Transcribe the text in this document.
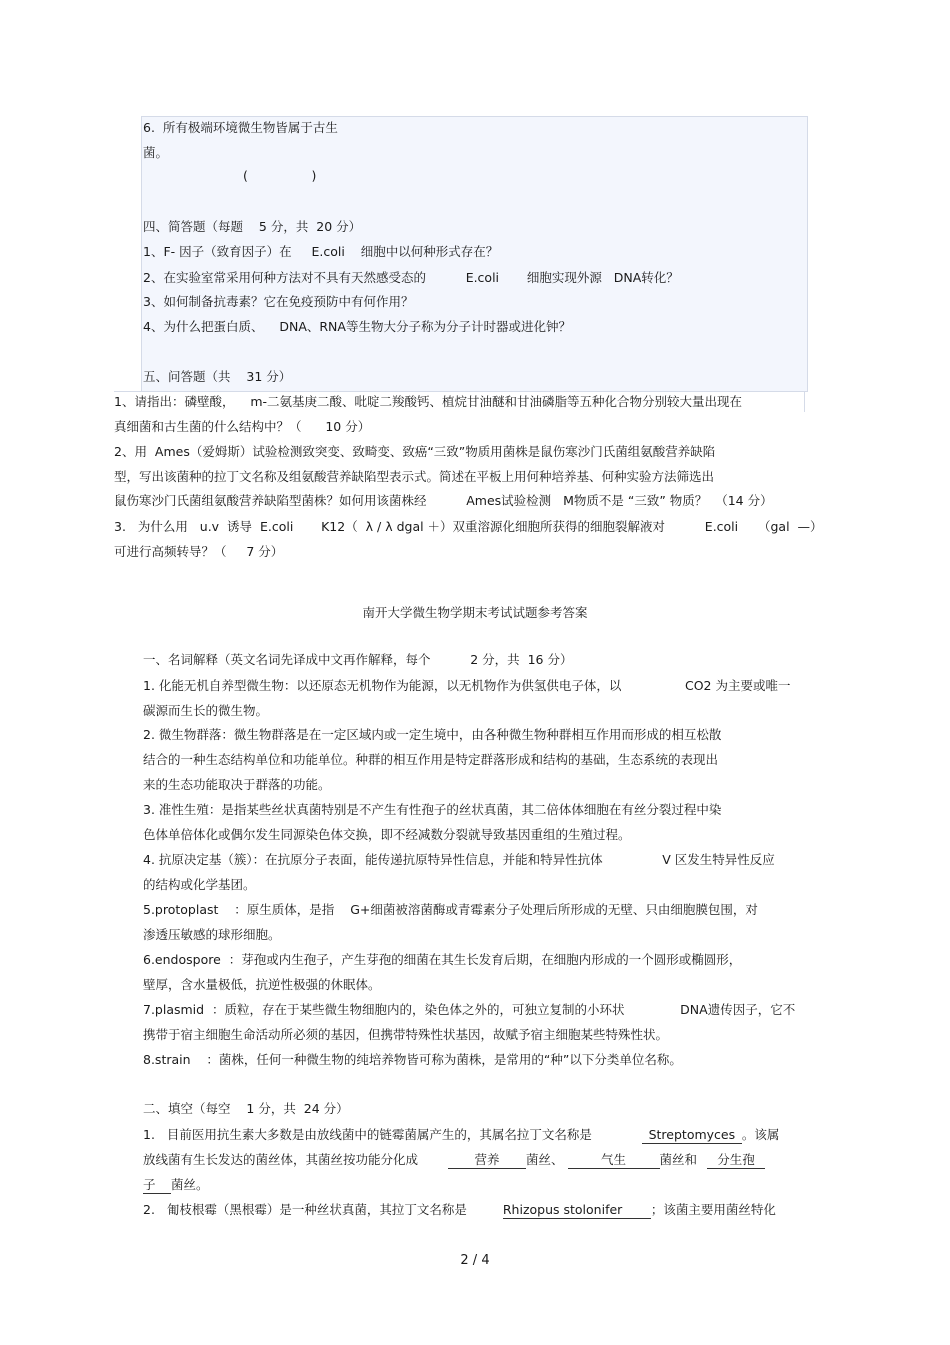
6.  所有极端环境微生物皆属于古生
菌。
(                )
四、简答题（每题    5 分，共  20 分）
1、F- 因子（致育因子）在     E.coli    细胞中以何种形式存在？
2、在实验室常采用何种方法对不具有天然感受态的          E.coli       细胞实现外源   DNA转化？
3、如何制备抗毒素？它在免疫预防中有何作用？
4、为什么把蛋白质、    DNA、RNA等生物大分子称为分子计时器或进化钟？
五、问答题（共    31 分）
1、请指出：磷壁酸，    m-二氨基庚二酸、吡啶二羧酸钙、植烷甘油醚和甘油磷脂等五种化合物分别较大量出现在
真细菌和古生菌的什么结构中？（      10 分）
2、用  Ames（爱姆斯）试验检测致突变、致畸变、致癌“三致”物质用菌株是鼠伤寒沙门氏菌组氨酸营养缺陷
型，写出该菌种的拉丁文名称及组氨酸营养缺陷型表示式。简述在平板上用何种培养基、何种实验方法筛选出
鼠伤寒沙门氏菌组氨酸营养缺陷型菌株？如何用该菌株经          Ames试验检测   M物质不是 “三致” 物质？  （14 分）
3.   为什么用   u.v  诱导  E.coli       K12（  λ / λ dgal ＋）双重溶源化细胞所获得的细胞裂解液对          E.coli     （gal  —）
可进行高频转导？（     7 分）
南开大学微生物学期末考试试题参考答案
一、名词解释（英文名词先译成中文再作解释，每个          2 分，共  16 分）
1. 化能无机自养型微生物：以还原态无机物作为能源，以无机物作为供氢供电子体，以                CO2 为主要或唯一
碳源而生长的微生物。
2. 微生物群落：微生物群落是在一定区域内或一定生境中，由各种微生物种群相互作用而形成的相互松散
结合的一种生态结构单位和功能单位。种群的相互作用是特定群落形成和结构的基础，生态系统的表现出
来的生态功能取决于群落的功能。
3. 准性生殖：是指某些丝状真菌特别是不产生有性孢子的丝状真菌，其二倍体体细胞在有丝分裂过程中染
色体单倍体化或偶尔发生同源染色体交换，即不经减数分裂就导致基因重组的生殖过程。
4. 抗原决定基（簇）：在抗原分子表面，能传递抗原特异性信息，并能和特异性抗体               V 区发生特异性反应
的结构或化学基团。
5.protoplast    ：原生质体，是指    G+细菌被溶菌酶或青霉素分子处理后所形成的无壁、只由细胞膜包围，对
渗透压敏感的球形细胞。
6.endospore  ：芽孢或内生孢子，产生芽孢的细菌在其生长发育后期，在细胞内形成的一个圆形或椭圆形，
壁厚，含水量极低，抗逆性极强的休眠体。
7.plasmid  ：质粒，存在于某些微生物细胞内的，染色体之外的，可独立复制的小环状              DNA遗传因子，它不
携带于宿主细胞生命活动所必须的基因，但携带特殊性状基因，故赋予宿主细胞某些特殊性状。
8.strain    ：菌株，任何一种微生物的纯培养物皆可称为菌株，是常用的“种”以下分类单位名称。
二、填空（每空    1 分，共  24 分）
1.   目前医用抗生素大多数是由放线菌中的链霉菌属产生的，其属名拉丁文名称是	Streptomyces 。该属
放线菌有生长发达的菌丝体，其菌丝按功能分化成	营养 菌丝、	气生	菌丝和 分生孢
子 菌丝。
2.   匍枝根霉（黑根霉）是一种丝状真菌，其拉丁文名称是	Rhizopus stolonifer ；该菌主要用菌丝特化
2 / 4
